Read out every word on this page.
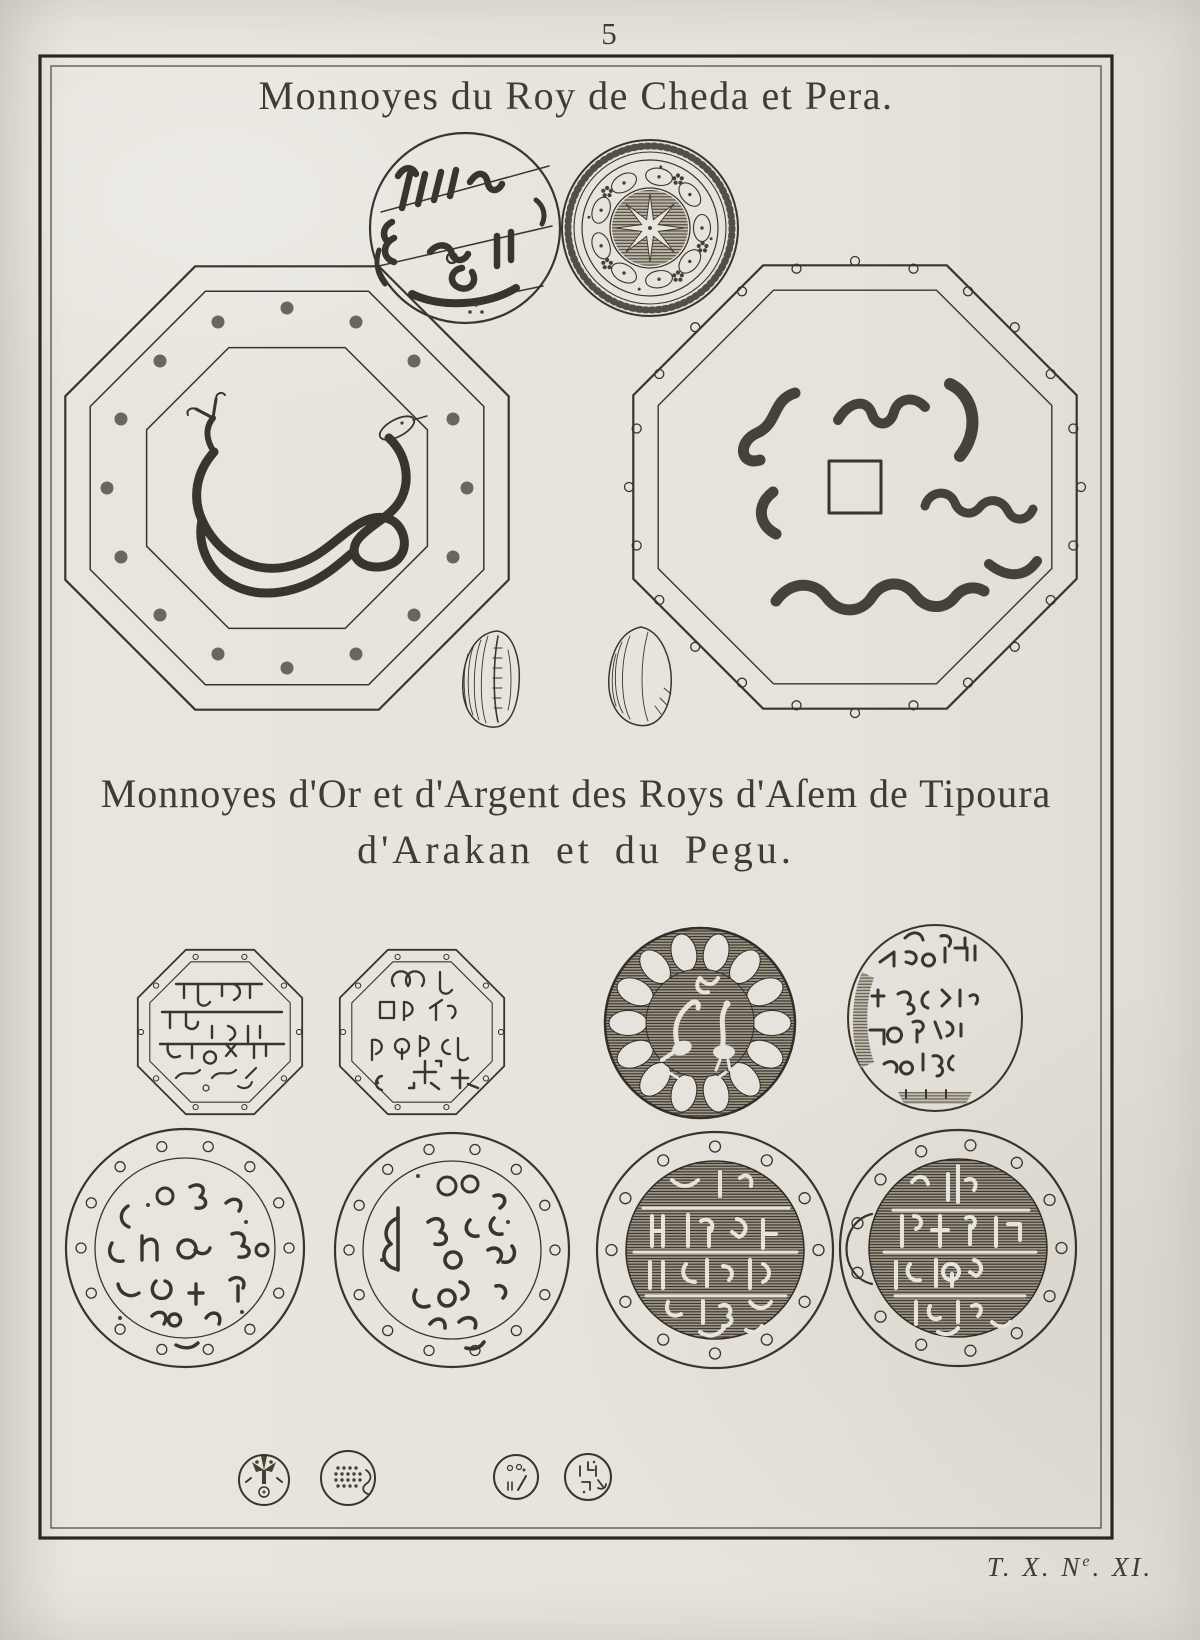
5
Monnoyes du Roy de Cheda et Pera.
Monnoyes d'Or et d'Argent des Roys d'Aſem de Tipoura
d'Arakan et du Pegu.
T. X. $N^e$. XI.
